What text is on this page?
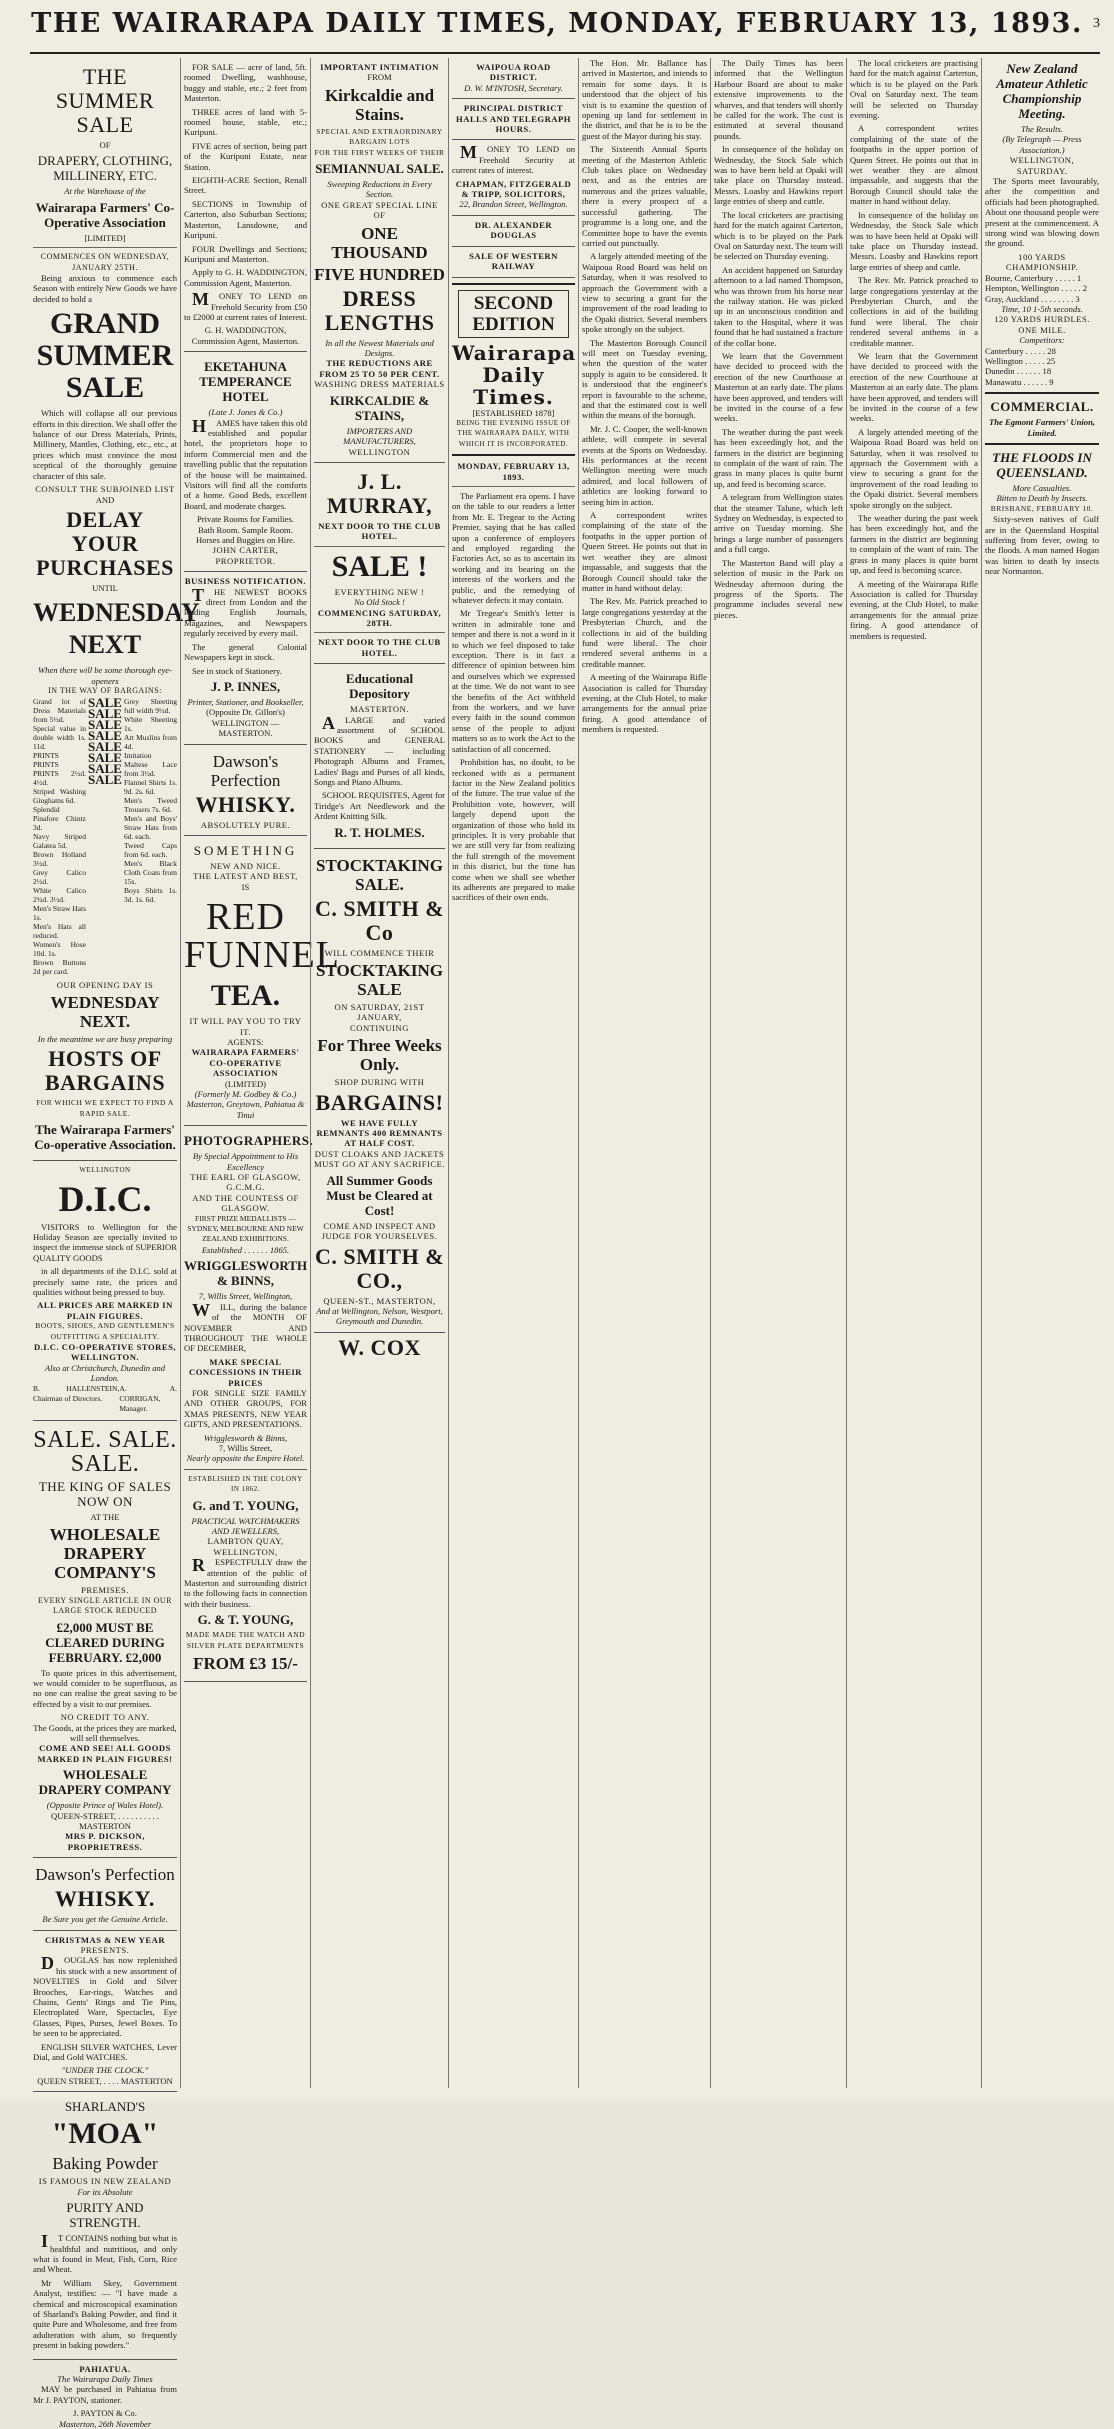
THE WAIRARAPA DAILY TIMES, MONDAY, FEBRUARY 13, 1893. 3
THE SUMMER SALE
OF
DRAPERY, CLOTHING, MILLINERY, ETC.
At the Warehouse of the
Wairarapa Farmers' Co-Operative Association
[LIMITED]
COMMENCES ON WEDNESDAY, JANUARY 25TH.

Being anxious to commence each Season with entirely New Goods we have decided to hold a

GRAND SUMMER SALE

Which will collapse all our previous efforts in this direction. We shall offer the balance of our Dress Materials, Prints, Millinery, Mantles, Clothing, etc., etc., at prices which must convince the most sceptical of the thoroughly genuine character of this sale.

CONSULT THE SUBJOINED LIST
AND
DELAY YOUR PURCHASES
UNTIL
WEDNESDAY NEXT
When there will be some thorough eye-openers
IN THE WAY OF BARGAINS:
Grand lot of Dress Materials from 5½d.
Special value in double width 1s. 11d.
PRINTS PRINTS PRINTS 2½d. 4½d.
Striped Washing Ginghams 6d.
Splendid Pinafore Chintz 3d.
Navy Striped Galatea 5d.
Brown Holland 3½d.
Grey Calico 2½d.
White Calico 2¾d. 3½d.
Men's Straw Hats 1s.
Men's Hats all reduced.
Women's Hose 10d. 1s.
Brown Buttons 2d per card.
SALE
SALE
SALE
SALE
SALE
SALE
SALE
SALE
Grey Sheeting full width 9½d.
White Sheeting 1s.
Art Muslins from 4d.
Imitation Maltese Lace from 3½d.
Flannel Shirts 1s. 9d. 2s. 6d.
Men's Tweed Trousers 7s. 6d.
Men's and Boys' Straw Hats from 6d. each.
Tweed Caps from 6d. each.
Men's Black Cloth Coats from 15s.
Boys Shirts 1s. 3d. 1s. 6d.
OUR OPENING DAY IS
WEDNESDAY NEXT.
In the meantime we are busy preparing
HOSTS OF BARGAINS
FOR WHICH WE EXPECT TO FIND A RAPID SALE.
The Wairarapa Farmers' Co-operative Association.
WELLINGTON
D.I.C.

VISITORS to Wellington for the Holiday Season are specially invited to inspect the immense stock of SUPERIOR QUALITY GOODS

in all departments of the D.I.C. sold at precisely same rate, the prices and qualities without being pressed to buy.

ALL PRICES ARE MARKED IN PLAIN FIGURES.
BOOTS, SHOES, AND GENTLEMEN'S OUTFITTING A SPECIALITY.
D.I.C. CO-OPERATIVE STORES, WELLINGTON.
Also at Christchurch, Dunedin and London.
B. HALLENSTEIN, Chairman of Directors.
A. A. CORRIGAN, Manager.
SALE. SALE. SALE.
THE KING OF SALES NOW ON
AT THE
WHOLESALE DRAPERY COMPANY'S
PREMISES.
EVERY SINGLE ARTICLE IN OUR LARGE STOCK REDUCED
£2,000 MUST BE CLEARED DURING FEBRUARY. £2,000

To quote prices in this advertisement, we would consider to be superfluous, as no one can realise the great saving to be effected by a visit to our premises.

NO CREDIT TO ANY.
The Goods, at the prices they are marked, will sell themselves.
COME AND SEE! ALL GOODS MARKED IN PLAIN FIGURES!
WHOLESALE DRAPERY COMPANY
(Opposite Prince of Wales Hotel).
QUEEN-STREET, . . . . . . . . . . MASTERTON
MRS P. DICKSON, PROPRIETRESS.
Dawson's Perfection
WHISKY.
Be Sure you get the Genuine Article.
CHRISTMAS & NEW YEAR
PRESENTS.

DOUGLAS has now replenished his stock with a new assortment of NOVELTIES in Gold and Silver Brooches, Ear-rings, Watches and Chains, Gents' Rings and Tie Pins, Electroplated Ware, Spectacles, Eye Glasses, Pipes, Purses, Jewel Boxes. To be seen to be appreciated.

ENGLISH SILVER WATCHES, Lever Dial, and Gold WATCHES.

"UNDER THE CLOCK."
QUEEN STREET, . . . . MASTERTON
SHARLAND'S
"MOA"
Baking Powder
IS FAMOUS IN NEW ZEALAND
For its Absolute
PURITY AND STRENGTH.

IT CONTAINS nothing but what is healthful and nutritious, and only what is found in Meat, Fish, Corn, Rice and Wheat.

Mr William Skey, Government Analyst, testifies: — "I have made a chemical and microscopical examination of Sharland's Baking Powder, and find it quite Pure and Wholesome, and free from adulteration with alum, so frequently present in baking powders."

PAHIATUA.
The Wairarapa Daily Times

MAY be purchased in Pahiatua from Mr J. PAYTON, stationer.

J. PAYTON & Co.
Masterton, 26th November

FOR SALE — acre of land, 5ft. roomed Dwelling, washhouse, buggy and stable, etc.; 2 feet from Masterton.

THREE acres of land with 5-roomed house, stable, etc.; Kuripuni.

FIVE acres of section, being part of the Kuripuni Estate, near Station.

EIGHTH-ACRE Section, Renall Street.

SECTIONS in Township of Carterton, also Suburban Sections; Masterton, Lansdowne, and Kuripuni.

FOUR Dwellings and Sections; Kuripuni and Masterton.

Apply to G. H. WADDINGTON, Commission Agent, Masterton.

MONEY TO LEND on Freehold Security from £50 to £2000 at current rates of Interest.

G. H. WADDINGTON, Commission Agent, Masterton.
EKETAHUNA TEMPERANCE HOTEL
(Late J. Jones & Co.)

HAMES have taken this old established and popular hotel, the proprietors hope to inform Commercial men and the travelling public that the reputation of the house will be maintained. Visitors will find all the comforts of a home. Good Beds, excellent Board, and moderate charges.

Private Rooms for Families.
Bath Room. Sample Room.
Horses and Buggies on Hire.
JOHN CARTER, PROPRIETOR.
BUSINESS NOTIFICATION.

THE NEWEST BOOKS direct from London and the leading English Journals, Magazines, and Newspapers regularly received by every mail.

The general Colonial Newspapers kept in stock.

See in stock of Stationery.

J. P. INNES,
Printer, Stationer, and Bookseller,
(Opposite Dr. Gillon's) WELLINGTON — MASTERTON.
Dawson's Perfection
WHISKY.
ABSOLUTELY PURE.
SOMETHING
NEW AND NICE.
THE LATEST AND BEST,
IS
RED FUNNEL
TEA.
IT WILL PAY YOU TO TRY IT.
AGENTS:
WAIRARAPA FARMERS' CO-OPERATIVE ASSOCIATION
(LIMITED)
(Formerly M. Godbey & Co.)
Masterton, Greytown, Pahiatua & Tinui
PHOTOGRAPHERS.
By Special Appointment to His Excellency
THE EARL OF GLASGOW, G.C.M.G.
AND THE COUNTESS OF GLASGOW.
FIRST PRIZE MEDALLISTS — SYDNEY, MELBOURNE AND NEW ZEALAND EXHIBITIONS.
Established . . . . . . 1865.
WRIGGLESWORTH & BINNS,
7, Willis Street, Wellington,

WILL, during the balance of the MONTH OF NOVEMBER AND THROUGHOUT THE WHOLE OF DECEMBER,

MAKE SPECIAL CONCESSIONS IN THEIR PRICES

FOR SINGLE SIZE FAMILY AND OTHER GROUPS, FOR XMAS PRESENTS, NEW YEAR GIFTS, AND PRESENTATIONS.

Wrigglesworth & Binns,
7, Willis Street,
Nearly opposite the Empire Hotel.
ESTABLISHED IN THE COLONY IN 1862.
G. and T. YOUNG,
PRACTICAL WATCHMAKERS AND JEWELLERS,
LAMBTON QUAY, WELLINGTON,

RESPECTFULLY draw the attention of the public of Masterton and surrounding district to the following facts in connection with their business.

G. & T. YOUNG,
MADE MADE THE WATCH AND SILVER PLATE DEPARTMENTS
FROM £3 15/-
IMPORTANT INTIMATION
FROM
Kirkcaldie and Stains.
SPECIAL AND EXTRAORDINARY BARGAIN LOTS
FOR THE FIRST WEEKS OF THEIR
SEMIANNUAL SALE.
Sweeping Reductions in Every Section.
ONE GREAT SPECIAL LINE OF
ONE THOUSAND
FIVE HUNDRED
DRESS LENGTHS
In all the Newest Materials and Designs.
THE REDUCTIONS ARE FROM 25 TO 50 PER CENT.
WASHING DRESS MATERIALS
KIRKCALDIE & STAINS,
IMPORTERS AND MANUFACTURERS,
WELLINGTON
J. L. MURRAY,
NEXT DOOR TO THE CLUB HOTEL.
SALE !
EVERYTHING NEW !
No Old Stock !
COMMENCING SATURDAY, 28TH.
NEXT DOOR TO THE CLUB HOTEL.
Educational Depository
MASTERTON.

ALARGE and varied assortment of SCHOOL BOOKS and GENERAL STATIONERY — including Photograph Albums and Frames, Ladies' Bags and Purses of all kinds, Songs and Piano Albums.

SCHOOL REQUISITES, Agent for Tiridge's Art Needlework and the Ardent Knitting Silk.

R. T. HOLMES.
STOCKTAKING SALE.
C. SMITH & Co
WILL COMMENCE THEIR
STOCKTAKING SALE
ON SATURDAY, 21ST JANUARY,
CONTINUING
For Three Weeks Only.
SHOP DURING WITH
BARGAINS!
WE HAVE FULLY REMNANTS 400 REMNANTS AT HALF COST.
DUST CLOAKS AND JACKETS MUST GO AT ANY SACRIFICE.
All Summer Goods Must be Cleared at Cost!
COME AND INSPECT AND JUDGE FOR YOURSELVES.
C. SMITH & CO.,
QUEEN-ST., MASTERTON,
And at Wellington, Nelson, Westport, Greymouth and Dunedin.
W. COX
WAIPOUA ROAD DISTRICT.
D. W. M'INTOSH, Secretary.
PRINCIPAL DISTRICT HALLS AND TELEGRAPH HOURS.

MONEY TO LEND on Freehold Security at current rates of interest.

CHAPMAN, FITZGERALD & TRIPP, SOLICITORS,
22, Brandon Street, Wellington.
DR. ALEXANDER DOUGLAS
SALE OF WESTERN RAILWAY
SECOND EDITION
Wairarapa Daily Times.
[ESTABLISHED 1878]
BEING THE EVENING ISSUE OF THE WAIRARAPA DAILY, WITH WHICH IT IS INCORPORATED.
MONDAY, FEBRUARY 13, 1893.

The Parliament era opens. I have on the table to our readers a letter from Mr. E. Tregear to the Acting Premier, saying that he has called upon a conference of employers and employed regarding the Factories Act, so as to ascertain its working and its bearing on the interests of the workers and the public, and the remedying of whatever defects it may contain.

Mr Tregear's Smith's letter is written in admirable tone and temper and there is not a word in it to which we feel disposed to take exception. There is in fact a difference of opinion between him and ourselves which we expressed at the time. We do not want to see the benefits of the Act withheld from the workers, and we have every faith in the sound common sense of the people to adjust matters so as to work the Act to the satisfaction of all concerned.

Prohibition has, no doubt, to be reckoned with as a permanent factor in the New Zealand politics of the future. The true value of the Prohibition vote, however, will largely depend upon the organization of those who hold its principles. It is very probable that we are still very far from realizing the full strength of the movement in this district, but the time has come when we shall see whether its adherents are prepared to make sacrifices of their own ends.

The Hon. Mr. Ballance has arrived in Masterton, and intends to remain for some days. It is understood that the object of his visit is to examine the question of opening up land for settlement in the district, and that he is to be the guest of the Mayor during his stay.

The Sixteenth Annual Sports meeting of the Masterton Athletic Club takes place on Wednesday next, and as the entries are numerous and the prizes valuable, there is every prospect of a successful gathering. The programme is a long one, and the Committee hope to have the events carried out punctually.

A largely attended meeting of the Waipoua Road Board was held on Saturday, when it was resolved to approach the Government with a view to securing a grant for the improvement of the road leading to the Opaki district. Several members spoke strongly on the subject.

The Masterton Borough Council will meet on Tuesday evening, when the question of the water supply is again to be considered. It is understood that the engineer's report is favourable to the scheme, and that the estimated cost is well within the means of the borough.

Mr. J. C. Cooper, the well-known athlete, will compete in several events at the Sports on Wednesday. His performances at the recent Wellington meeting were much admired, and local followers of athletics are looking forward to seeing him in action.

A correspondent writes complaining of the state of the footpaths in the upper portion of Queen Street. He points out that in wet weather they are almost impassable, and suggests that the Borough Council should take the matter in hand without delay.

The Rev. Mr. Patrick preached to large congregations yesterday at the Presbyterian Church, and the collections in aid of the building fund were liberal. The choir rendered several anthems in a creditable manner.

A meeting of the Wairarapa Rifle Association is called for Thursday evening, at the Club Hotel, to make arrangements for the annual prize firing. A good attendance of members is requested.

The Daily Times has been informed that the Wellington Harbour Board are about to make extensive improvements to the wharves, and that tenders will shortly be called for the work. The cost is estimated at several thousand pounds.

In consequence of the holiday on Wednesday, the Stock Sale which was to have been held at Opaki will take place on Thursday instead. Messrs. Loasby and Hawkins report large entries of sheep and cattle.

The local cricketers are practising hard for the match against Carterton, which is to be played on the Park Oval on Saturday next. The team will be selected on Thursday evening.

An accident happened on Saturday afternoon to a lad named Thompson, who was thrown from his horse near the railway station. He was picked up in an unconscious condition and taken to the Hospital, where it was found that he had sustained a fracture of the collar bone.

We learn that the Government have decided to proceed with the erection of the new Courthouse at Masterton at an early date. The plans have been approved, and tenders will be invited in the course of a few weeks.

The weather during the past week has been exceedingly hot, and the farmers in the district are beginning to complain of the want of rain. The grass in many places is quite burnt up, and feed is becoming scarce.

A telegram from Wellington states that the steamer Talune, which left Sydney on Wednesday, is expected to arrive on Tuesday morning. She brings a large number of passengers and a full cargo.

The Masterton Band will play a selection of music in the Park on Wednesday afternoon during the progress of the Sports. The programme includes several new pieces.

The local cricketers are practising hard for the match against Carterton, which is to be played on the Park Oval on Saturday next. The team will be selected on Thursday evening.

A correspondent writes complaining of the state of the footpaths in the upper portion of Queen Street. He points out that in wet weather they are almost impassable, and suggests that the Borough Council should take the matter in hand without delay.

In consequence of the holiday on Wednesday, the Stock Sale which was to have been held at Opaki will take place on Thursday instead. Messrs. Loasby and Hawkins report large entries of sheep and cattle.

The Rev. Mr. Patrick preached to large congregations yesterday at the Presbyterian Church, and the collections in aid of the building fund were liberal. The choir rendered several anthems in a creditable manner.

We learn that the Government have decided to proceed with the erection of the new Courthouse at Masterton at an early date. The plans have been approved, and tenders will be invited in the course of a few weeks.

A largely attended meeting of the Waipoua Road Board was held on Saturday, when it was resolved to approach the Government with a view to securing a grant for the improvement of the road leading to the Opaki district. Several members spoke strongly on the subject.

The weather during the past week has been exceedingly hot, and the farmers in the district are beginning to complain of the want of rain. The grass in many places is quite burnt up, and feed is becoming scarce.

A meeting of the Wairarapa Rifle Association is called for Thursday evening, at the Club Hotel, to make arrangements for the annual prize firing. A good attendance of members is requested.

New Zealand Amateur Athletic Championship Meeting.
The Results.
(By Telegraph — Press Association.)
WELLINGTON, SATURDAY.

The Sports meet favourably, after the competition and officials had been photographed. About one thousand people were present at the commencement. A strong wind was blowing down the ground.

100 YARDS CHAMPIONSHIP.
Bourne, Canterbury . . . . . 1
Hempton, Wellington . . . . . 2
Gray, Auckland . . . . . . . . 3
Time, 10 1-5th seconds.
120 YARDS HURDLES.
ONE MILE.
Competitors:
Canterbury . . . . . 28
Wellington . . . . . 25
Dunedin . . . . . . 18
Manawatu . . . . . . 9
COMMERCIAL.
The Egmont Farmers' Union, Limited.
THE FLOODS IN QUEENSLAND.
More Casualties.
Bitten to Death by Insects.
BRISBANE, FEBRUARY 10.

Sixty-seven natives of Gulf are in the Queensland Hospital suffering from fever, owing to the floods. A man named Hogan was bitten to death by insects near Normanton.
